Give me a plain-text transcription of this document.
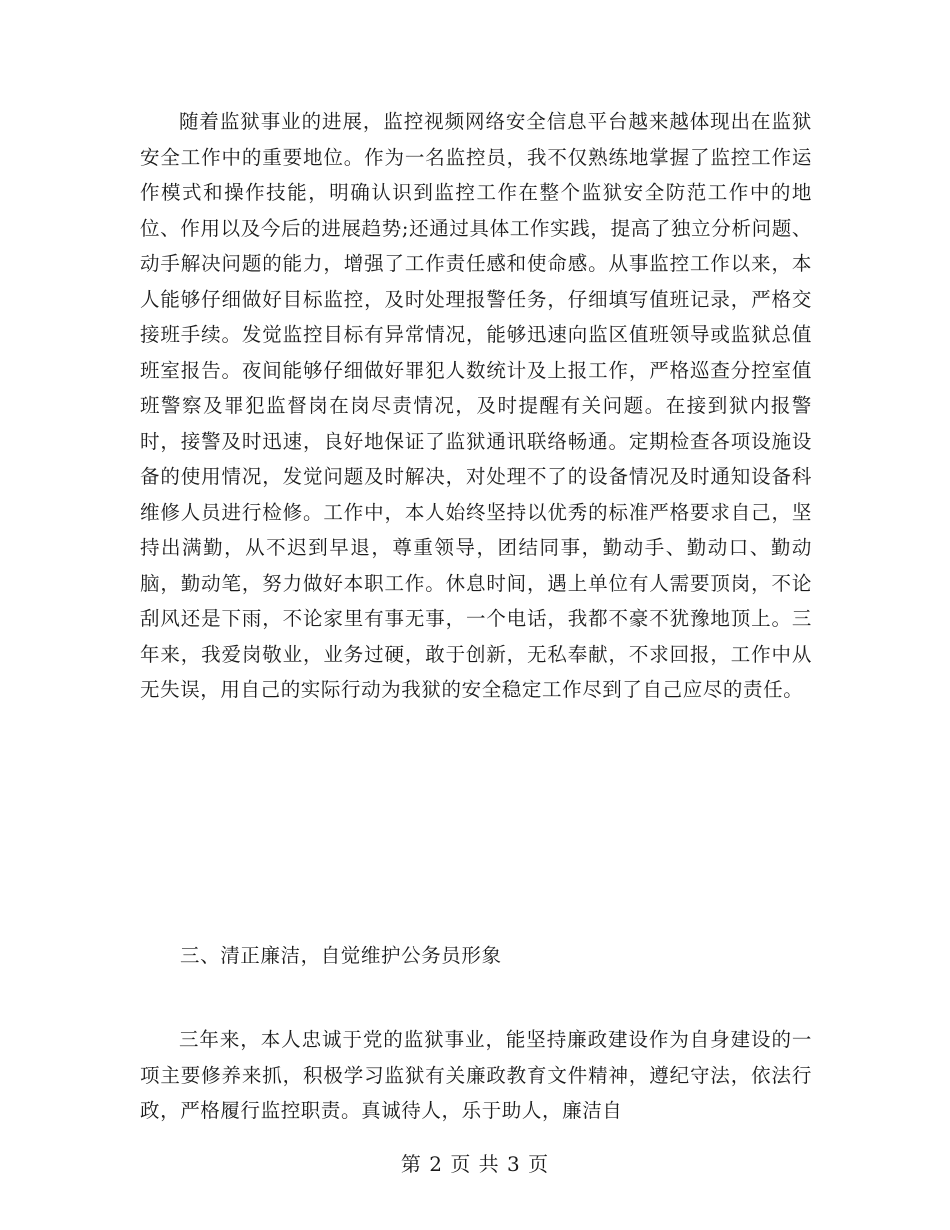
随着监狱事业的进展，监控视频网络安全信息平台越来越体现出在监狱安全工作中的重要地位。作为一名监控员，我不仅熟练地掌握了监控工作运作模式和操作技能，明确认识到监控工作在整个监狱安全防范工作中的地位、作用以及今后的进展趋势;还通过具体工作实践，提高了独立分析问题、动手解决问题的能力，增强了工作责任感和使命感。从事监控工作以来，本人能够仔细做好目标监控，及时处理报警任务，仔细填写值班记录，严格交接班手续。发觉监控目标有异常情况，能够迅速向监区值班领导或监狱总值班室报告。夜间能够仔细做好罪犯人数统计及上报工作，严格巡查分控室值班警察及罪犯监督岗在岗尽责情况，及时提醒有关问题。在接到狱内报警时，接警及时迅速，良好地保证了监狱通讯联络畅通。定期检查各项设施设备的使用情况，发觉问题及时解决，对处理不了的设备情况及时通知设备科维修人员进行检修。工作中，本人始终坚持以优秀的标准严格要求自己，坚持出满勤，从不迟到早退，尊重领导，团结同事，勤动手、勤动口、勤动脑，勤动笔，努力做好本职工作。休息时间，遇上单位有人需要顶岗，不论刮风还是下雨，不论家里有事无事，一个电话，我都不豪不犹豫地顶上。三年来，我爱岗敬业，业务过硬，敢于创新，无私奉献，不求回报，工作中从无失误，用自己的实际行动为我狱的安全稳定工作尽到了自己应尽的责任。

三、清正廉洁，自觉维护公务员形象

三年来，本人忠诚于党的监狱事业，能坚持廉政建设作为自身建设的一项主要修养来抓，积极学习监狱有关廉政教育文件精神，遵纪守法，依法行政，严格履行监控职责。真诚待人，乐于助人，廉洁自

第 2 页 共 3 页
